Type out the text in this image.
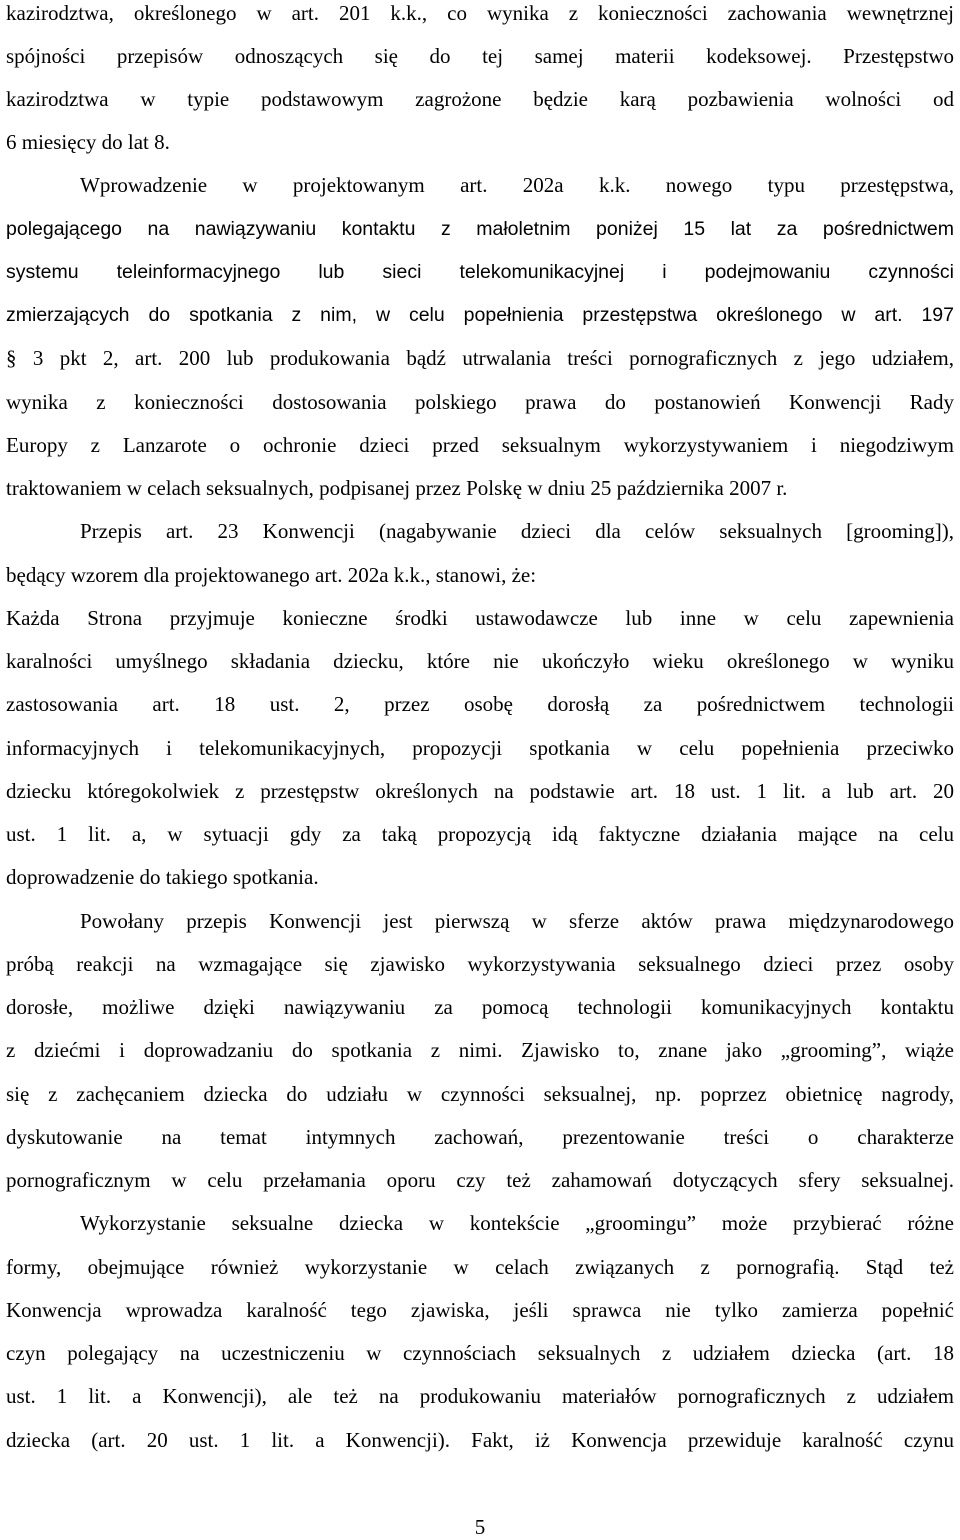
kazirodztwa, określonego w art. 201 k.k., co wynika z konieczności zachowania wewnętrznej

spójności przepisów odnoszących się do tej samej materii kodeksowej. Przestępstwo

kazirodztwa w typie podstawowym zagrożone będzie karą pozbawienia wolności od

6 miesięcy do lat 8.

Wprowadzenie w projektowanym art. 202a k.k. nowego typu przestępstwa,

polegającego na nawiązywaniu kontaktu z małoletnim poniżej 15 lat za pośrednictwem

systemu teleinformacyjnego lub sieci telekomunikacyjnej i podejmowaniu czynności

zmierzających do spotkania z nim, w celu popełnienia przestępstwa określonego w art. 197

§ 3 pkt 2, art. 200 lub produkowania bądź utrwalania treści pornograficznych z jego udziałem,

wynika z konieczności dostosowania polskiego prawa do postanowień Konwencji Rady

Europy z Lanzarote o ochronie dzieci przed seksualnym wykorzystywaniem i niegodziwym

traktowaniem w celach seksualnych, podpisanej przez Polskę w dniu 25 października 2007 r.

Przepis art. 23 Konwencji (nagabywanie dzieci dla celów seksualnych [grooming]),

będący wzorem dla projektowanego art. 202a k.k., stanowi, że:

Każda Strona przyjmuje konieczne środki ustawodawcze lub inne w celu zapewnienia

karalności umyślnego składania dziecku, które nie ukończyło wieku określonego w wyniku

zastosowania art. 18 ust. 2, przez osobę dorosłą za pośrednictwem technologii

informacyjnych i telekomunikacyjnych, propozycji spotkania w celu popełnienia przeciwko

dziecku któregokolwiek z przestępstw określonych na podstawie art. 18 ust. 1 lit. a lub art. 20

ust. 1 lit. a, w sytuacji gdy za taką propozycją idą faktyczne działania mające na celu

doprowadzenie do takiego spotkania.

Powołany przepis Konwencji jest pierwszą w sferze aktów prawa międzynarodowego

próbą reakcji na wzmagające się zjawisko wykorzystywania seksualnego dzieci przez osoby

dorosłe, możliwe dzięki nawiązywaniu za pomocą technologii komunikacyjnych kontaktu

z dziećmi i doprowadzaniu do spotkania z nimi. Zjawisko to, znane jako „grooming”, wiąże

się z zachęcaniem dziecka do udziału w czynności seksualnej, np. poprzez obietnicę nagrody,

dyskutowanie na temat intymnych zachowań, prezentowanie treści o charakterze

pornograficznym w celu przełamania oporu czy też zahamowań dotyczących sfery seksualnej.

Wykorzystanie seksualne dziecka w kontekście „groomingu” może przybierać różne

formy, obejmujące również wykorzystanie w celach związanych z pornografią. Stąd też

Konwencja wprowadza karalność tego zjawiska, jeśli sprawca nie tylko zamierza popełnić

czyn polegający na uczestniczeniu w czynnościach seksualnych z udziałem dziecka (art. 18

ust. 1 lit. a Konwencji), ale też na produkowaniu materiałów pornograficznych z udziałem

dziecka (art. 20 ust. 1 lit. a Konwencji). Fakt, iż Konwencja przewiduje karalność czynu

5
